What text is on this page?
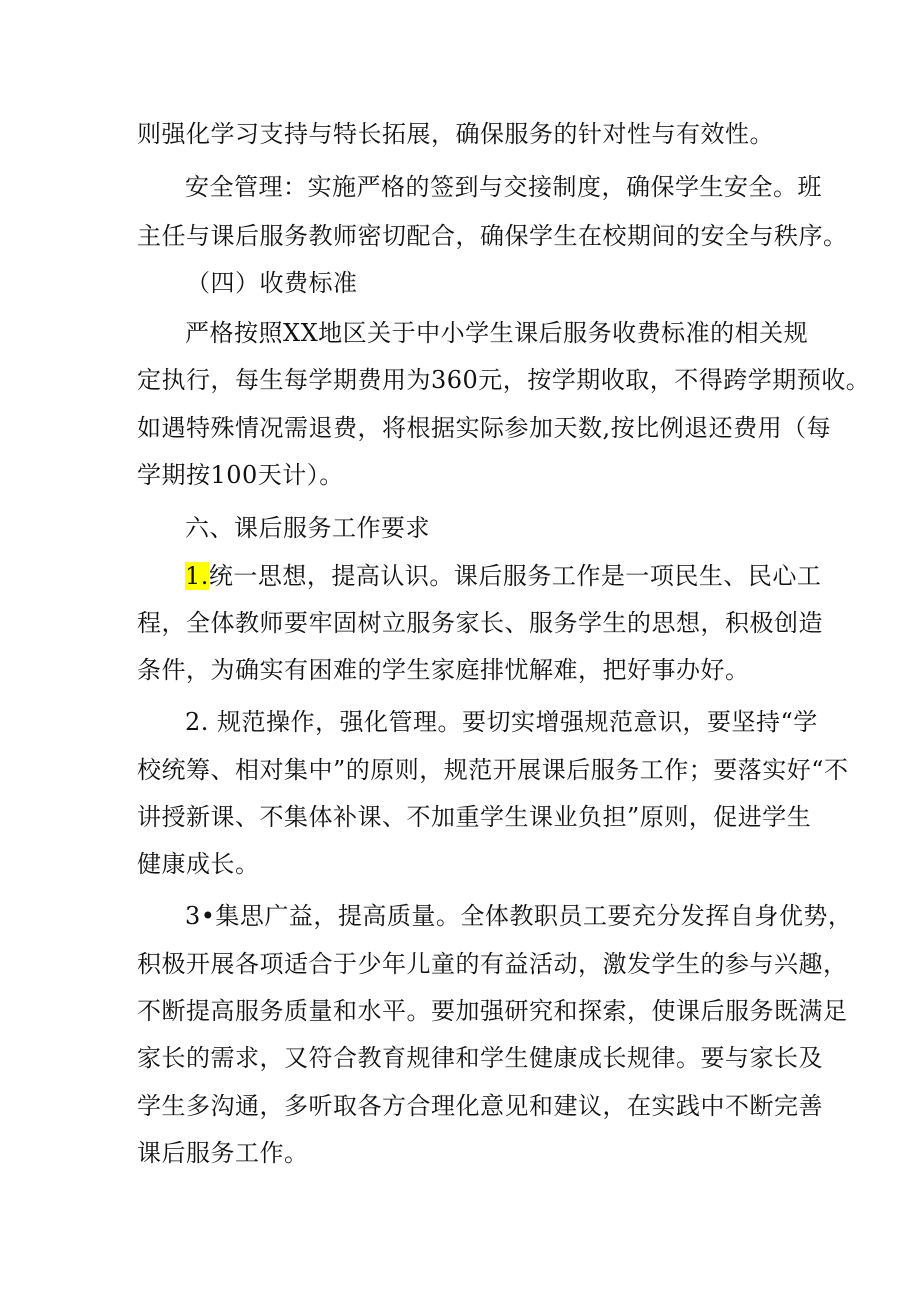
则强化学习支持与特长拓展，确保服务的针对性与有效性。
安全管理：实施严格的签到与交接制度，确保学生安全。班
主任与课后服务教师密切配合，确保学生在校期间的安全与秩序。
（四）收费标准
严格按照XX地区关于中小学生课后服务收费标准的相关规
定执行，每生每学期费用为360元，按学期收取，不得跨学期预收。
如遇特殊情况需退费，将根据实际参加天数,按比例退还费用（每
学期按100天计）。
六、课后服务工作要求
1.统一思想，提高认识。课后服务工作是一项民生、民心工
程，全体教师要牢固树立服务家长、服务学生的思想，积极创造
条件，为确实有困难的学生家庭排忧解难，把好事办好。
2. 规范操作，强化管理。要切实增强规范意识，要坚持“学
校统筹、相对集中”的原则，规范开展课后服务工作；要落实好“不
讲授新课、不集体补课、不加重学生课业负担”原则，促进学生
健康成长。
3•集思广益，提高质量。全体教职员工要充分发挥自身优势，
积极开展各项适合于少年儿童的有益活动，激发学生的参与兴趣，
不断提高服务质量和水平。要加强研究和探索，使课后服务既满足
家长的需求，又符合教育规律和学生健康成长规律。要与家长及
学生多沟通，多听取各方合理化意见和建议，在实践中不断完善
课后服务工作。
